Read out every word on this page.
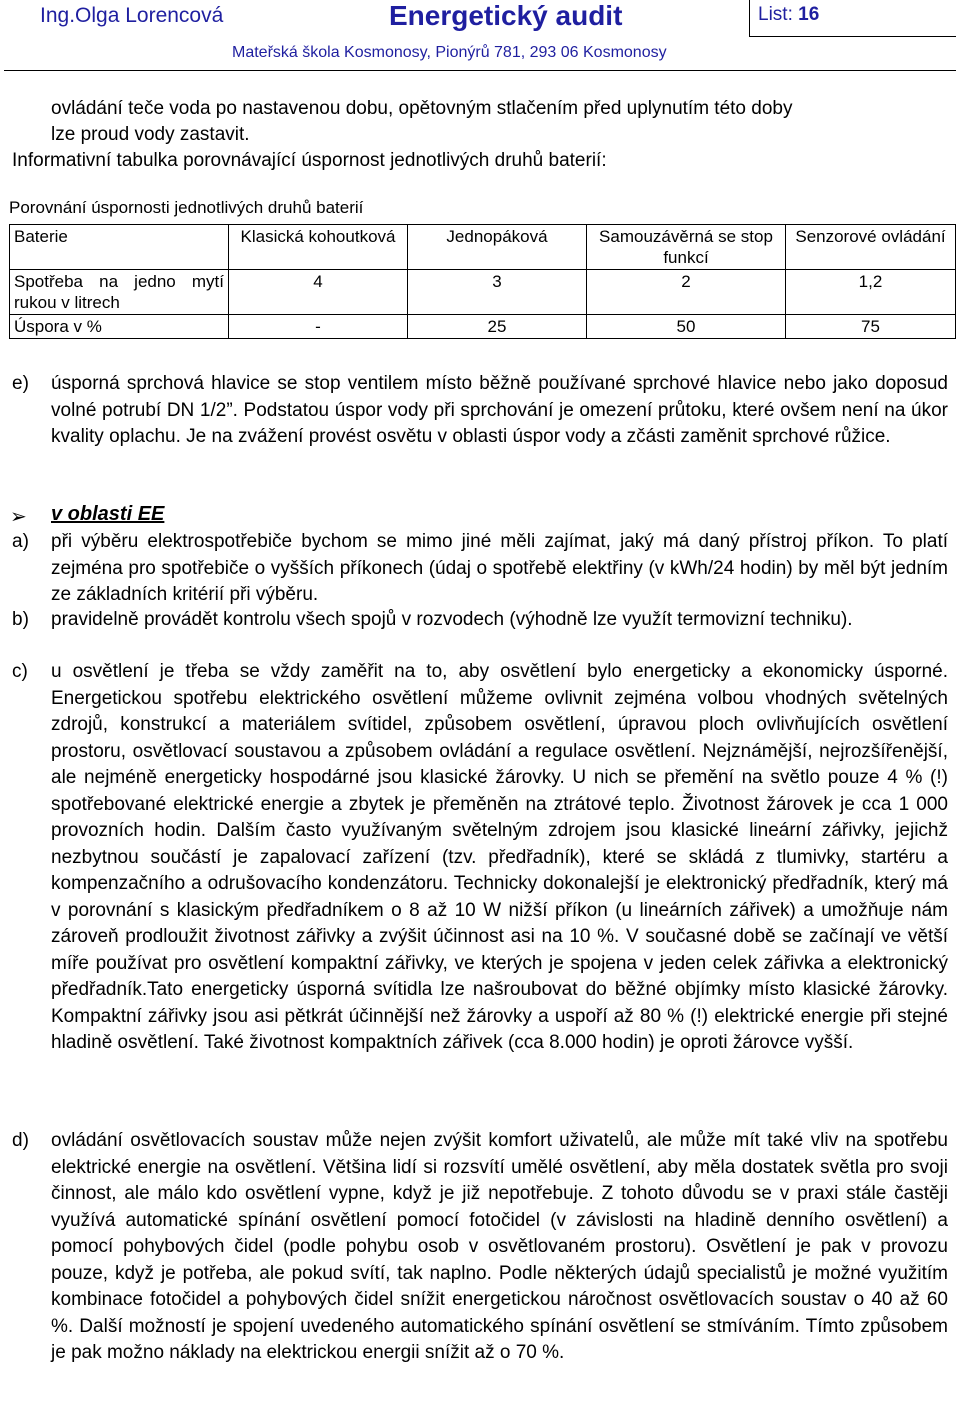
Ing.Olga Lorencová	Energetický audit	List: 16
Mateřská škola Kosmonosy, Pionýrů 781, 293 06 Kosmonosy
ovládání teče voda po nastavenou dobu, opětovným stlačením před uplynutím této doby
lze proud vody zastavit.
Informativní tabulka porovnávající úspornost jednotlivých druhů baterií:
Porovnání úspornosti jednotlivých druhů baterií
Baterie	Klasická kohoutková	Jednopáková	Samouzávěrná se stop funkcí	Senzorové ovládání
Spotřeba na jedno mytí rukou v litrech	4	3	2	1,2
Úspora v %	-	25	50	75
e) úsporná sprchová hlavice se stop ventilem místo běžně používané sprchové hlavice nebo jako doposud volné potrubí DN 1/2”. Podstatou úspor vody při sprchování je omezení průtoku, které ovšem není na úkor kvality oplachu. Je na zvážení provést osvětu v oblasti úspor vody a zčásti zaměnit sprchové růžice.
➢ v oblasti EE
a) při výběru elektrospotřebiče bychom se mimo jiné měli zajímat, jaký má daný přístroj příkon. To platí zejména pro spotřebiče o vyšších příkonech (údaj o spotřebě elektřiny (v kWh/24 hodin) by měl být jedním ze základních kritérií při výběru.
b) pravidelně provádět kontrolu všech spojů v rozvodech (výhodně lze využít termovizní techniku).
c) u osvětlení je třeba se vždy zaměřit na to, aby osvětlení bylo energeticky a ekonomicky úsporné. Energetickou spotřebu elektrického osvětlení můžeme ovlivnit zejména volbou vhodných světelných zdrojů, konstrukcí a materiálem svítidel, způsobem osvětlení, úpravou ploch ovlivňujících osvětlení prostoru, osvětlovací soustavou a způsobem ovládání a regulace osvětlení. Nejznámější, nejrozšířenější, ale nejméně energeticky hospodárné jsou klasické žárovky. U nich se přemění na světlo pouze 4 % (!) spotřebované elektrické energie a zbytek je přeměněn na ztrátové teplo. Životnost žárovek je cca 1 000 provozních hodin. Dalším často využívaným světelným zdrojem jsou klasické lineární zářivky, jejichž nezbytnou součástí je zapalovací zařízení (tzv. předřadník), které se skládá z tlumivky, startéru a kompenzačního a odrušovacího kondenzátoru. Technicky dokonalejší je elektronický předřadník, který má v porovnání s klasickým předřadníkem o 8 až 10 W nižší příkon (u lineárních zářivek) a umožňuje nám zároveň prodloužit životnost zářivky a zvýšit účinnost asi na 10 %. V současné době se začínají ve větší míře používat pro osvětlení kompaktní zářivky, ve kterých je spojena v jeden celek zářivka a elektronický předřadník.Tato energeticky úsporná svítidla lze našroubovat do běžné objímky místo klasické žárovky. Kompaktní zářivky jsou asi pětkrát účinnější než žárovky a uspoří až 80 % (!) elektrické energie při stejné hladině osvětlení. Také životnost kompaktních zářivek (cca 8.000 hodin) je oproti žárovce vyšší.
d) ovládání osvětlovacích soustav může nejen zvýšit komfort uživatelů, ale může mít také vliv na spotřebu elektrické energie na osvětlení. Většina lidí si rozsvítí umělé osvětlení, aby měla dostatek světla pro svoji činnost, ale málo kdo osvětlení vypne, když je již nepotřebuje. Z tohoto důvodu se v praxi stále častěji využívá automatické spínání osvětlení pomocí fotočidel (v závislosti na hladině denního osvětlení) a pomocí pohybových čidel (podle pohybu osob v osvětlovaném prostoru). Osvětlení je pak v provozu pouze, když je potřeba, ale pokud svítí, tak naplno. Podle některých údajů specialistů je možné využitím kombinace fotočidel a pohybových čidel snížit energetickou náročnost osvětlovacích soustav o 40 až 60 %. Další možností je spojení uvedeného automatického spínání osvětlení se stmíváním. Tímto způsobem je pak možno náklady na elektrickou energii snížit až o 70 %.
